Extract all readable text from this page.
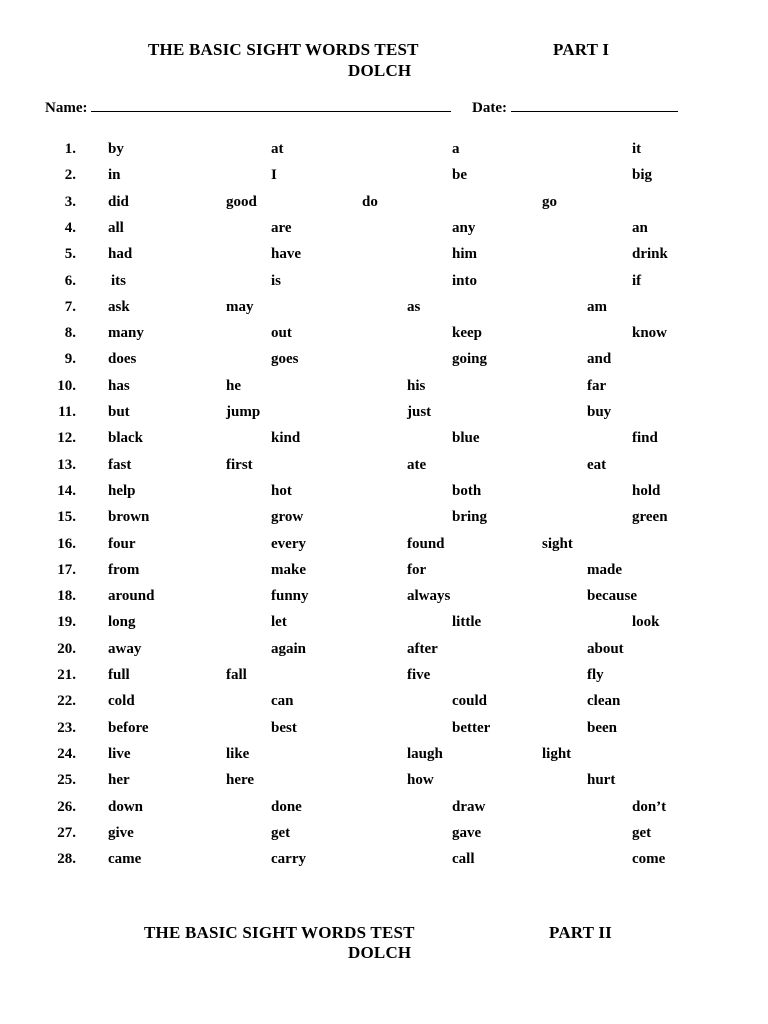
THE BASIC SIGHT WORDS TEST	PART I
DOLCH
Name:	Date:
1. by	at	a	it
2. in	I	be	big
3. did	good	do	go
4. all	are	any	an
5. had	have	him	drink
6. its	is	into	if
7. ask	may	as	am
8. many	out	keep	know
9. does	goes	going	and
10. has	he	his	far
11. but	jump	just	buy
12. black	kind	blue	find
13. fast	first	ate	eat
14. help	hot	both	hold
15. brown	grow	bring	green
16. four	every	found	sight
17. from	make	for	made
18. around	funny	always	because
19. long	let	little	look
20. away	again	after	about
21. full	fall	five	fly
22. cold	can	could	clean
23. before	best	better	been
24. live	like	laugh	light
25. her	here	how	hurt
26. down	done	draw	don’t
27. give	get	gave	get
28. came	carry	call	come
THE BASIC SIGHT WORDS TEST	PART II
DOLCH
